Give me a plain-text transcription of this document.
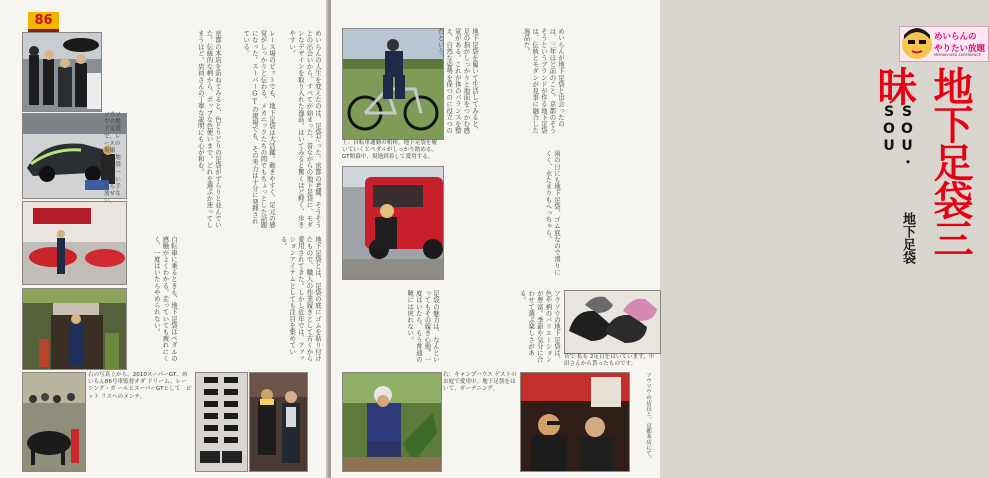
86
めいらんの人生を変えたのは、足袋だった。京都の老舗、そうそうとの出会いから、すべてが始まった。昔ながらの地下足袋に、モダンなデザインを取り入れた逸品。はいてみると驚くほど軽く、歩きやすい。
レース場のピットでも、地下足袋は大活躍。動きやすく、足元の感覚がしっかりと伝わる。メカニックたちの間でもちょっとした話題になった。スーパーGTの現場でも、その実力は十分に発揮されている。
京都の本店を訪ねてみると、色とりどりの足袋がずらりと並んでいた。伝統的な柄から、ポップな色使いまで。どれを選ぶか迷ってしまうほど。店員さんの丁寧な説明にも心が和む。
地下足袋とは、足袋の底にゴムを貼り付けたもので、職人の作業履きとして古くから愛用されてきた。しかし近年では、ファッションアイテムとしても注目を集めている。
自転車に乗るときも、地下足袋はペダルの感触がよくわかる。走っていても疲れにくく、一度はいたらやめられない。
右の写真上から、2010スーパーGT、めいらん86号車監督オダ ドリーム。レーシング・ガ ールとスーパーGTとして　ピット リスへのメンテ。
ソウソウの地下足袋で、レースの現場へ。地下足袋は、一度はいたら手放せない。
めいらんの
やりたい放題
MEIRAN WEB EXPERIENCE
地下足袋三昧
SOU・SOU
地下足袋
めいらんが地下足袋と出会ったのは、三年ほど前のこと。京都のそうそうというブランドが作る地下足袋は、伝統とモダンが見事に融合した逸品だ。
地下足袋を履いて生活してみると、足の指がしっかりと地面をつかむ感覚がある。これが体のバランスを整え、自然な姿勢を保つのに役立つのだという。
雨の日にも地下足袋。ゴム底なので滑りにくく、水たまりもへっちゃら。
ソウソウの地下足袋は、色や柄のバリエーションが豊富。季節や気分に合わせて選ぶ楽しさがある。
足袋の魅力は、なんといってもその履き心地。一度はいたら、もう普通の靴には戻れない。
上：自転車通勤の相棒。地下足袋を履いていくとペダルがしっかり踏める。GT開幕中、現地到着して愛用する。
昔で 私も 2足目をはいています。中田さんから貰ったものです。
右：キャンプハウス ゲストのお庭で愛用中。地下足袋をはいて、ガーデニング。	ソウソウの店長と。京都本店にて。
